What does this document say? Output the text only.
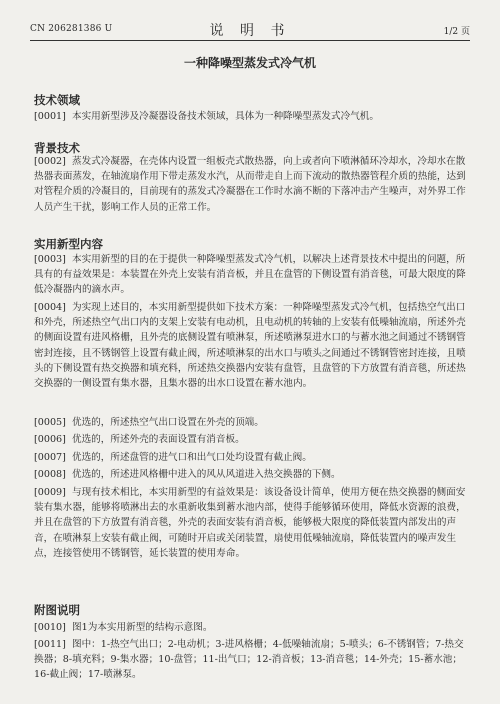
CN 206281386 U	说 明 书	1/2 页
一种降噪型蒸发式冷气机
技术领域
[0001] 本实用新型涉及冷凝器设备技术领域，具体为一种降噪型蒸发式冷气机。
背景技术
[0002] 蒸发式冷凝器，在壳体内设置一组板壳式散热器，向上或者向下喷淋循环冷却水，冷却水在散热器表面蒸发，在轴流扇作用下带走蒸发水汽，从而带走自上而下流动的散热器管程介质的热能，达到对管程介质的冷凝目的，目前现有的蒸发式冷凝器在工作时水滴不断的下落冲击产生噪声，对外界工作人员产生干扰，影响工作人员的正常工作。
实用新型内容
[0003] 本实用新型的目的在于提供一种降噪型蒸发式冷气机，以解决上述背景技术中提出的问题，所具有的有益效果是：本装置在外壳上安装有消音板，并且在盘管的下侧设置有消音毯，可最大限度的降低冷凝器内的滴水声。
[0004] 为实现上述目的，本实用新型提供如下技术方案：一种降噪型蒸发式冷气机，包括热空气出口和外壳，所述热空气出口内的支架上安装有电动机，且电动机的转轴的上安装有低噪轴流扇，所述外壳的侧面设置有进风格栅，且外壳的底侧设置有喷淋泵，所述喷淋泵进水口的与蓄水池之间通过不锈钢管密封连接，且不锈钢管上设置有截止阀，所述喷淋泵的出水口与喷头之间通过不锈钢管密封连接，且喷头的下侧设置有热交换器和填充料，所述热交换器内安装有盘管，且盘管的下方放置有消音毯，所述热交换器的一侧设置有集水器，且集水器的出水口设置在蓄水池内。
[0005] 优选的，所述热空气出口设置在外壳的顶端。
[0006] 优选的，所述外壳的表面设置有消音板。
[0007] 优选的，所述盘管的进气口和出气口处均设置有截止阀。
[0008] 优选的，所述进风格栅中进入的风从风道进入热交换器的下侧。
[0009] 与现有技术相比，本实用新型的有益效果是：该设备设计简单，使用方便在热交换器的侧面安装有集水器，能够将喷淋出去的水重新收集到蓄水池内部，使得手能够循环使用，降低水资源的浪费，并且在盘管的下方放置有消音毯，外壳的表面安装有消音板，能够极大限度的降低装置内部发出的声音，在喷淋泵上安装有截止阀，可随时开启或关闭装置，扇使用低噪轴流扇，降低装置内的噪声发生点，连接管使用不锈钢管，延长装置的使用寿命。
附图说明
[0010] 图1为本实用新型的结构示意图。
[0011] 图中：1-热空气出口；2-电动机；3-进风格栅；4-低噪轴流扇；5-喷头；6-不锈钢管；7-热交换器；8-填充料；9-集水器；10-盘管；11-出气口；12-消音板；13-消音毯；14-外壳；15-蓄水池；16-截止阀；17-喷淋泵。
